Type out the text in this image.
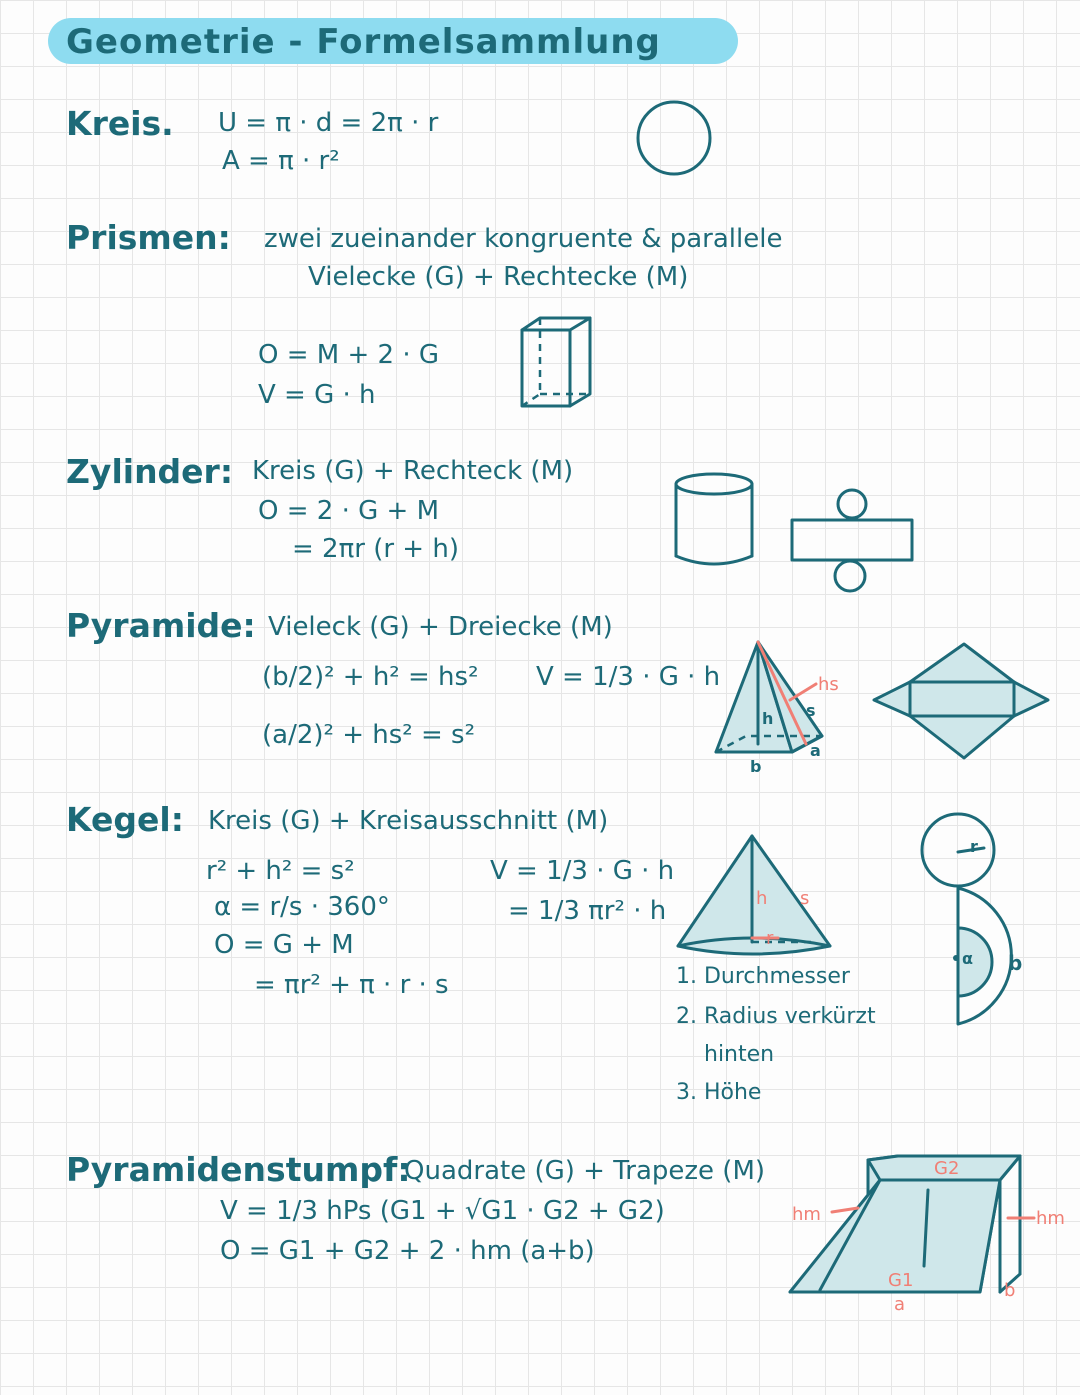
Geometrie - Formelsammlung
Kreis. U = π · d = 2π · r
A = π · r²
Prismen: zwei zueinander kongruente & parallele
Vielecke (G) + Rechtecke (M)
O = M + 2 · G
V = G · h
Zylinder: Kreis (G) + Rechteck (M)
O = 2 · G + M
= 2πr (r + h)
Pyramide: Vieleck (G) + Dreiecke (M)
(b/2)² + h² = hs²
(a/2)² + hs² = s²
V = 1/3 · G · h
Kegel: Kreis (G) + Kreisausschnitt (M)
r² + h² = s²
α = r/s · 360°
O = G + M
= πr² + π · r · s
V = 1/3 · G · h
= 1/3 πr² · h
1. Durchmesser
2. Radius verkürzt
hinten
3. Höhe
Pyramidenstumpf:
Quadrate (G) + Trapeze (M)
V = 1/3 hPs (G1 + √G1 · G2 + G2)
O = G1 + G2 + 2 · hm (a+b)
hs
s
h
a
b
h s
r
r
α b
G2
G1
hm	hm
a
b
